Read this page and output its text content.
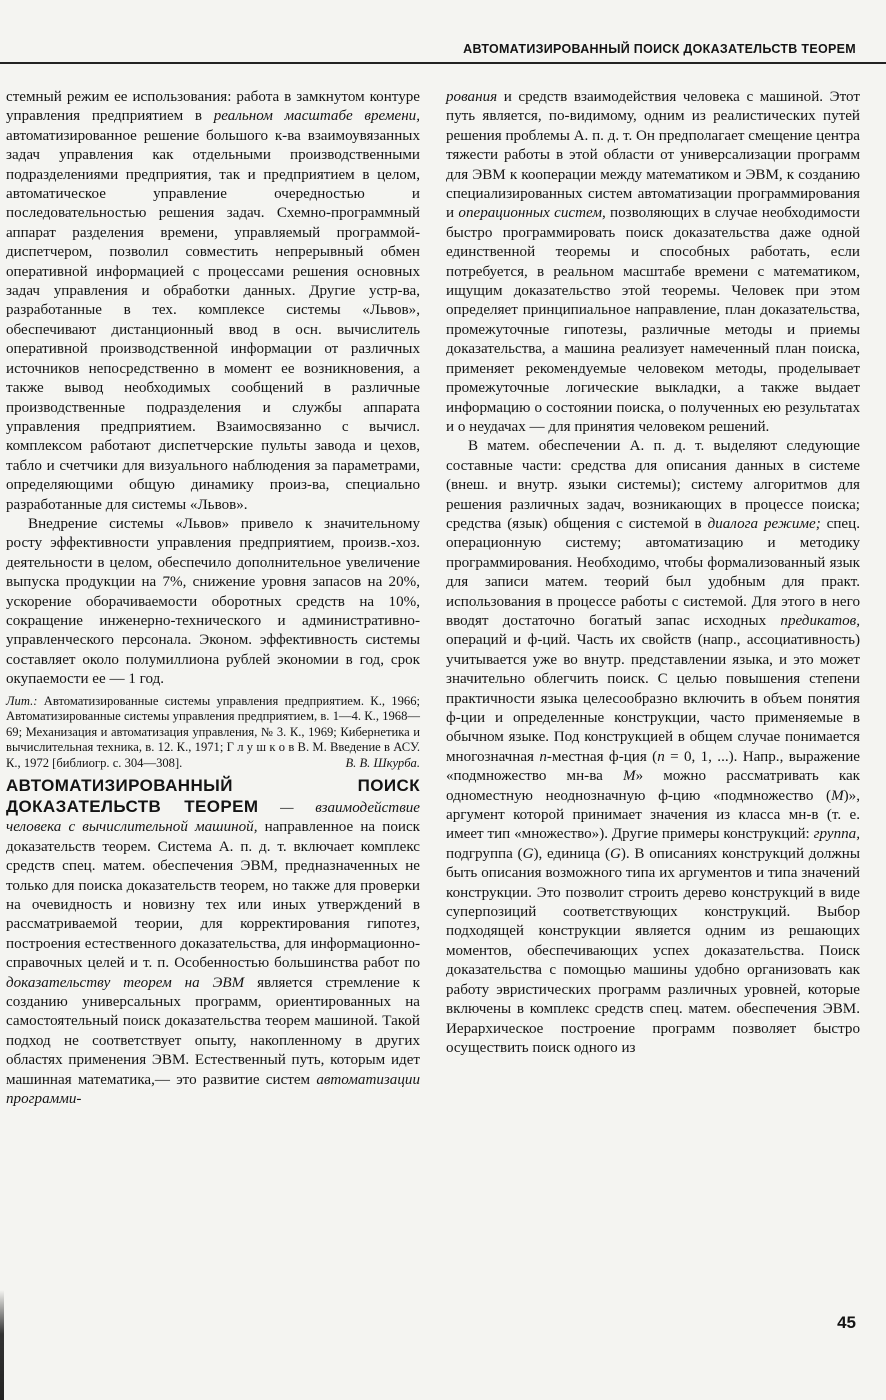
АВТОМАТИЗИРОВАННЫЙ ПОИСК ДОКАЗАТЕЛЬСТВ ТЕОРЕМ

стемный режим ее использования: работа в замкнутом контуре управления предприятием в реальном масштабе времени, автоматизированное решение большого к-ва взаимоувязанных задач управления как отдельными производственными подразделениями предприятия, так и предприятием в целом, автоматическое управление очередностью и последовательностью решения задач. Схемно-программный аппарат разделения времени, управляемый программой-диспетчером, позволил совместить непрерывный обмен оперативной информацией с процессами решения основных задач управления и обработки данных. Другие устр-ва, разработанные в тех. комплексе системы «Львов», обеспечивают дистанционный ввод в осн. вычислитель оперативной производственной информации от различных источников непосредственно в момент ее возникновения, а также вывод необходимых сообщений в различные производственные подразделения и службы аппарата управления предприятием. Взаимосвязанно с вычисл. комплексом работают диспетчерские пульты завода и цехов, табло и счетчики для визуального наблюдения за параметрами, определяющими общую динамику произ-ва, специально разработанные для системы «Львов».

Внедрение системы «Львов» привело к значительному росту эффективности управления предприятием, произв.-хоз. деятельности в целом, обеспечило дополнительное увеличение выпуска продукции на 7%, снижение уровня запасов на 20%, ускорение оборачиваемости оборотных средств на 10%, сокращение инженерно-технического и административно-управленческого персонала. Эконом. эффективность системы составляет около полумиллиона рублей экономии в год, срок окупаемости ее — 1 год.

Лит.: Автоматизированные системы управления предприятием. К., 1966; Автоматизированные системы управления предприятием, в. 1—4. К., 1968—69; Механизация и автоматизация управления, № 3. К., 1969; Кибернетика и вычислительная техника, в. 12. К., 1971; Г л у ш к о в В. М. Введение в АСУ. К., 1972 [библиогр. с. 304—308].	В. В. Шкурба.

АВТОМАТИЗИРОВАННЫЙ ПОИСК ДОКАЗАТЕЛЬСТВ ТЕОРЕМ — взаимодействие человека с вычислительной машиной, направленное на поиск доказательств теорем. Система А. п. д. т. включает комплекс средств спец. матем. обеспечения ЭВМ, предназначенных не только для поиска доказательств теорем, но также для проверки на очевидность и новизну тех или иных утверждений в рассматриваемой теории, для корректирования гипотез, построения естественного доказательства, для информационно-справочных целей и т. п. Особенностью большинства работ по доказательству теорем на ЭВМ является стремление к созданию универсальных программ, ориентированных на самостоятельный поиск доказательства теорем машиной. Такой подход не соответствует опыту, накопленному в других областях применения ЭВМ. Естественный путь, которым идет машинная математика,— это развитие систем автоматизации программи-

рования и средств взаимодействия человека с машиной. Этот путь является, по-видимому, одним из реалистических путей решения проблемы А. п. д. т. Он предполагает смещение центра тяжести работы в этой области от универсализации программ для ЭВМ к кооперации между математиком и ЭВМ, к созданию специализированных систем автоматизации программирования и операционных систем, позволяющих в случае необходимости быстро программировать поиск доказательства даже одной единственной теоремы и способных работать, если потребуется, в реальном масштабе времени с математиком, ищущим доказательство этой теоремы. Человек при этом определяет принципиальное направление, план доказательства, промежуточные гипотезы, различные методы и приемы доказательства, а машина реализует намеченный план поиска, применяет рекомендуемые человеком методы, проделывает промежуточные логические выкладки, а также выдает информацию о состоянии поиска, о полученных ею результатах и о неудачах — для принятия человеком решений.

В матем. обеспечении А. п. д. т. выделяют следующие составные части: средства для описания данных в системе (внеш. и внутр. языки системы); систему алгоритмов для решения различных задач, возникающих в процессе поиска; средства (язык) общения с системой в диалога режиме; спец. операционную систему; автоматизацию и методику программирования. Необходимо, чтобы формализованный язык для записи матем. теорий был удобным для практ. использования в процессе работы с системой. Для этого в него вводят достаточно богатый запас исходных предикатов, операций и ф-ций. Часть их свойств (напр., ассоциативность) учитывается уже во внутр. представлении языка, и это может значительно облегчить поиск. С целью повышения степени практичности языка целесообразно включить в объем понятия ф-ции и определенные конструкции, часто применяемые в обычном языке. Под конструкцией в общем случае понимается многозначная n-местная ф-ция (n = 0, 1, ...). Напр., выражение «подмножество мн-ва M» можно рассматривать как одноместную неоднозначную ф-цию «подмножество (M)», аргумент которой принимает значения из класса мн-в (т. е. имеет тип «множество»). Другие примеры конструкций: группа, подгруппа (G), единица (G). В описаниях конструкций должны быть описания возможного типа их аргументов и типа значений конструкции. Это позволит строить дерево конструкций в виде суперпозиций соответствующих конструкций. Выбор подходящей конструкции является одним из решающих моментов, обеспечивающих успех доказательства. Поиск доказательства с помощью машины удобно организовать как работу эвристических программ различных уровней, которые включены в комплекс средств спец. матем. обеспечения ЭВМ. Иерархическое построение программ позволяет быстро осуществить поиск одного из

45
